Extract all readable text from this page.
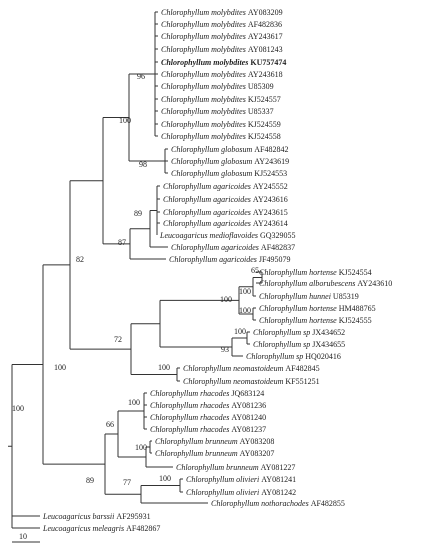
Chlorophyllum molybdites AY083209
Chlorophyllum molybdites AF482836
Chlorophyllum molybdites AY243617
Chlorophyllum molybdites AY081243
Chlorophyllum molybdites KU757474
Chlorophyllum molybdites AY243618
Chlorophyllum molybdites U85309
Chlorophyllum molybdites KJ524557
Chlorophyllum molybdites U85337
Chlorophyllum molybdites KJ524559
Chlorophyllum molybdites KJ524558
Chlorophyllum globosum AF482842
Chlorophyllum globosum AY243619
Chlorophyllum globosum KJ524553
Chlorophyllum agaricoides AY245552
Chlorophyllum agaricoides AY243616
Chlorophyllum agaricoides AY243615
Chlorophyllum agaricoides AY243614
Leucoagaricus medioflavoides GQ329055
Chlorophyllum agaricoides AF482837
Chlorophyllum agaricoides JF495079
Chlorophyllum hortense KJ524554
Chlorophyllum alborubescens AY243610
Chlorophyllum hunnei U85319
Chlorophyllum hortense HM488765
Chlorophyllum hortense KJ524555
Chlorophyllum sp JX434652
Chlorophyllum sp JX434655
Chlorophyllum sp HQ020416
Chlorophyllum neomastoideum AF482845
Chlorophyllum neomastoideum KF551251
Chlorophyllum rhacodes JQ683124
Chlorophyllum rhacodes AY081236
Chlorophyllum rhacodes AY081240
Chlorophyllum rhacodes AY081237
Chlorophyllum brunneum AY083208
Chlorophyllum brunneum AY083207
Chlorophyllum brunneum AY081227
Chlorophyllum olivieri AY081241
Chlorophyllum olivieri AY081242
Chlorophyllum nothorachodes AF482855
Leucoagaricus barssii AF295931
Leucoagaricus meleagris AF482867
96
100
98
89
87
82
65
100
100
100
100
93
72
100
100
100
100
66
89	100
77
100
10
